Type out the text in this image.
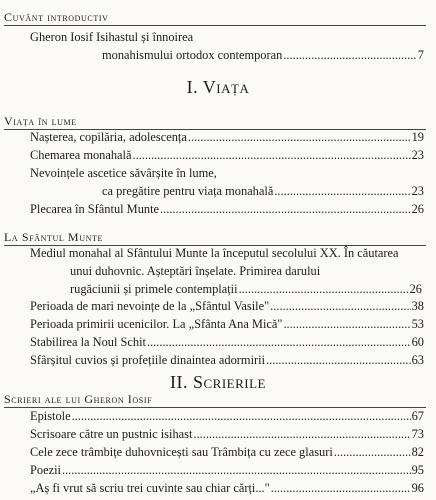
Cuvânt introductiv
Gheron Iosif Isihastul și înnoirea
monahismului ortodox contemporan .....	7
I. Viața
Viața în lume
Nașterea, copilăria, adolescența .....	19
Chemarea monahală .....	23
Nevoințele ascetice săvârșite în lume,
ca pregătire pentru viața monahală .....	23
Plecarea în Sfântul Munte .....	26
La Sfântul Munte
Mediul monahal al Sfântului Munte la începutul secolului XX. În căutarea unui duhovnic. Așteptări înșelate. Primirea darului
rugăciunii și primele contemplații .....	26
Perioada de mari nevoințe de la „Sfântul Vasile" .....	38
Perioada primirii ucenicilor. La „Sfânta Ana Mică" .....	53
Stabilirea la Noul Schit .....	60
Sfârșitul cuvios și profețiile dinaintea adormirii .....	63
II. Scrierile
Scrieri ale lui Gheron Iosif
Epistole .....	67
Scrisoare către un pustnic isihast .....	73
Cele zece trâmbițe duhovnicești sau Trâmbița cu zece glasuri .....	82
Poezii .....	95
„Aș fi vrut să scriu trei cuvinte sau chiar cărți..." .....	96
